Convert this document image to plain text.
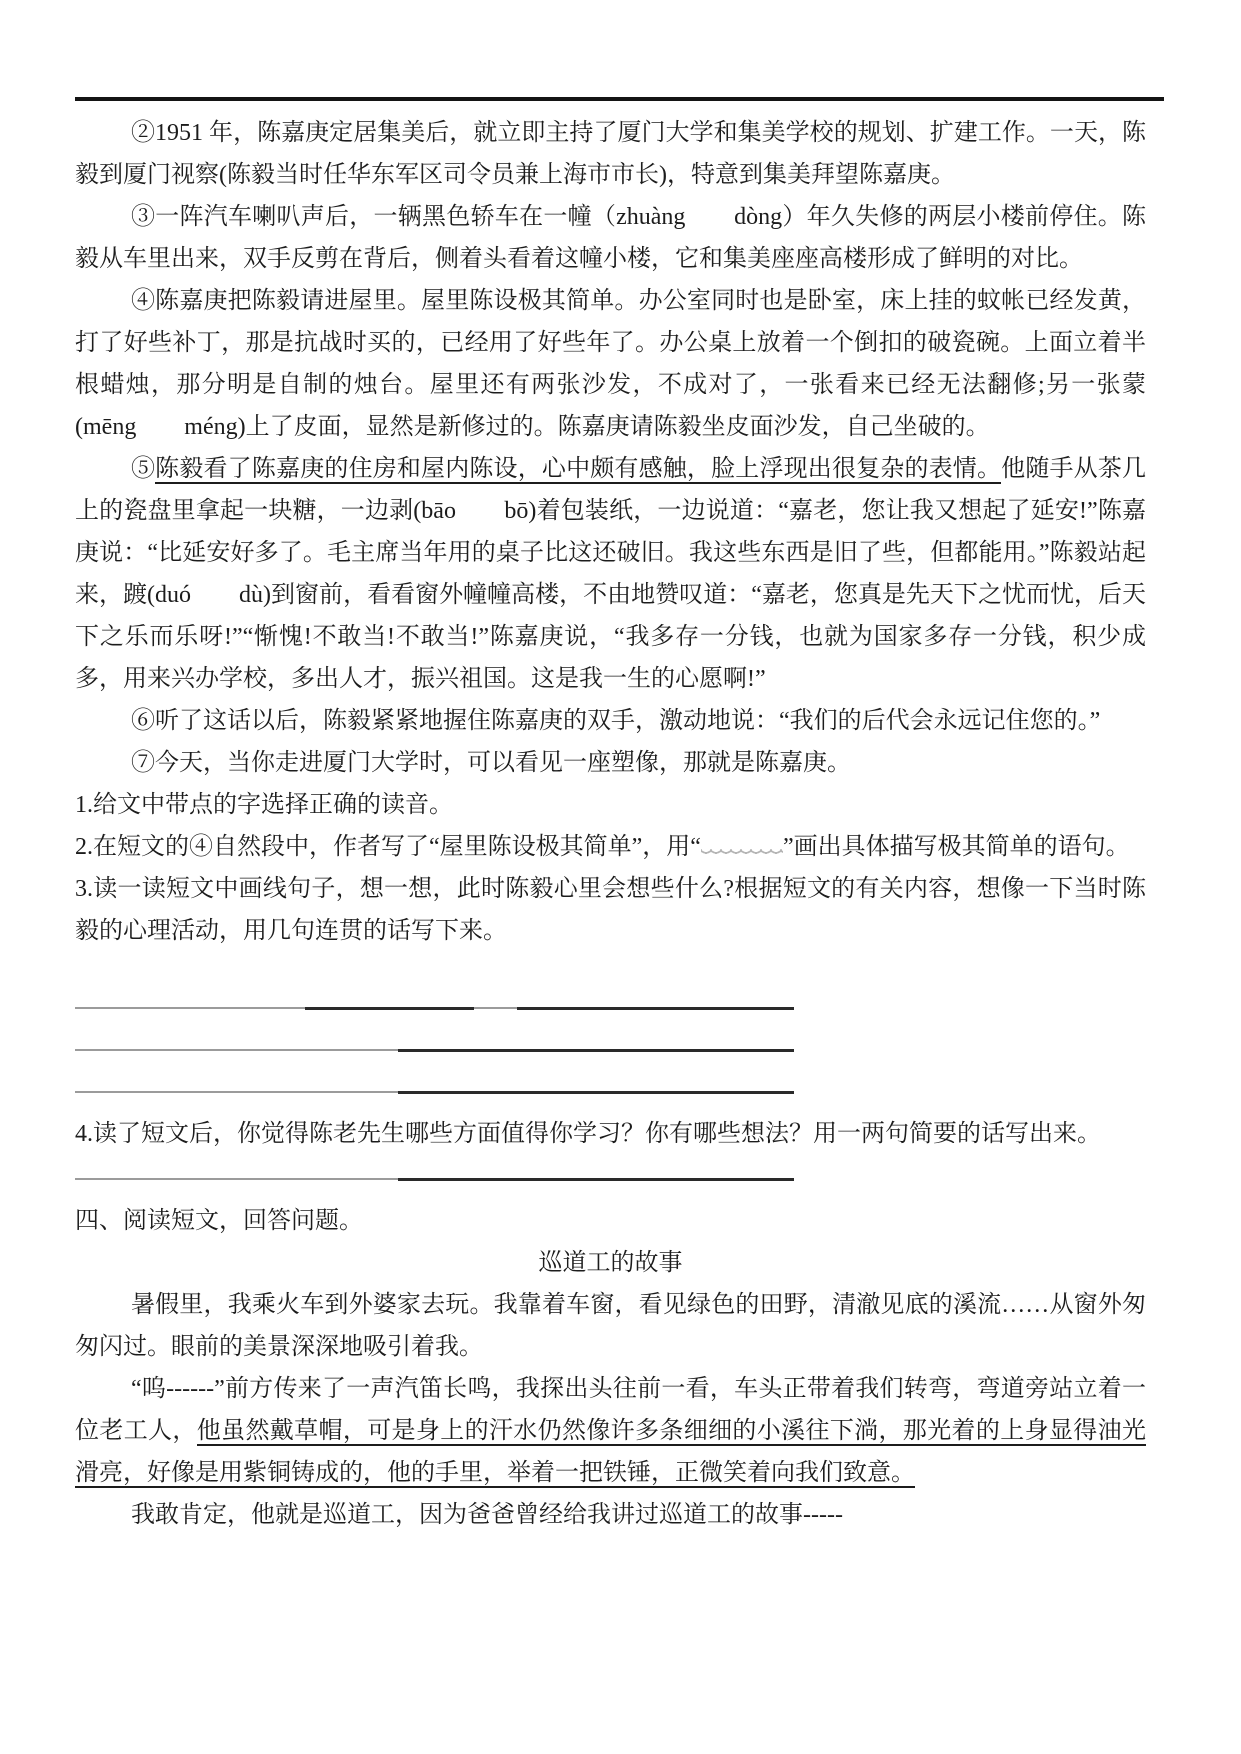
②1951 年，陈嘉庚定居集美后，就立即主持了厦门大学和集美学校的规划、扩建工作。一天，陈毅到厦门视察(陈毅当时任华东军区司令员兼上海市市长)，特意到集美拜望陈嘉庚。

③一阵汽车喇叭声后，一辆黑色轿车在一幢（zhuàng　　dòng）年久失修的两层小楼前停住。陈毅从车里出来，双手反剪在背后，侧着头看着这幢小楼，它和集美座座高楼形成了鲜明的对比。

④陈嘉庚把陈毅请进屋里。屋里陈设极其简单。办公室同时也是卧室，床上挂的蚊帐已经发黄，打了好些补丁，那是抗战时买的，已经用了好些年了。办公桌上放着一个倒扣的破瓷碗。上面立着半根蜡烛，那分明是自制的烛台。屋里还有两张沙发，不成对了，一张看来已经无法翻修;另一张蒙(mēng　　méng)上了皮面，显然是新修过的。陈嘉庚请陈毅坐皮面沙发，自己坐破的。

⑤陈毅看了陈嘉庚的住房和屋内陈设，心中颇有感触，脸上浮现出很复杂的表情。他随手从茶几上的瓷盘里拿起一块糖，一边剥(bāo　　bō)着包装纸，一边说道：“嘉老，您让我又想起了延安!”陈嘉庚说：“比延安好多了。毛主席当年用的桌子比这还破旧。我这些东西是旧了些，但都能用。”陈毅站起来，踱(duó　　dù)到窗前，看看窗外幢幢高楼，不由地赞叹道：“嘉老，您真是先天下之忧而忧，后天下之乐而乐呀!”“惭愧!不敢当!不敢当!”陈嘉庚说，“我多存一分钱，也就为国家多存一分钱，积少成多，用来兴办学校，多出人才，振兴祖国。这是我一生的心愿啊!”

⑥听了这话以后，陈毅紧紧地握住陈嘉庚的双手，激动地说：“我们的后代会永远记住您的。”

⑦今天，当你走进厦门大学时，可以看见一座塑像，那就是陈嘉庚。

1.给文中带点的字选择正确的读音。

2.在短文的④自然段中，作者写了“屋里陈设极其简单”，用“	”画出具体描写极其简单的语句。

3.读一读短文中画线句子，想一想，此时陈毅心里会想些什么?根据短文的有关内容，想像一下当时陈毅的心理活动，用几句连贯的话写下来。

4.读了短文后，你觉得陈老先生哪些方面值得你学习？你有哪些想法？用一两句简要的话写出来。

四、阅读短文，回答问题。

巡道工的故事

暑假里，我乘火车到外婆家去玩。我靠着车窗，看见绿色的田野，清澈见底的溪流……从窗外匆匆闪过。眼前的美景深深地吸引着我。

“呜------”前方传来了一声汽笛长鸣，我探出头往前一看，车头正带着我们转弯，弯道旁站立着一位老工人，他虽然戴草帽，可是身上的汗水仍然像许多条细细的小溪往下淌，那光着的上身显得油光滑亮，好像是用紫铜铸成的，他的手里，举着一把铁锤，正微笑着向我们致意。

我敢肯定，他就是巡道工，因为爸爸曾经给我讲过巡道工的故事-----
